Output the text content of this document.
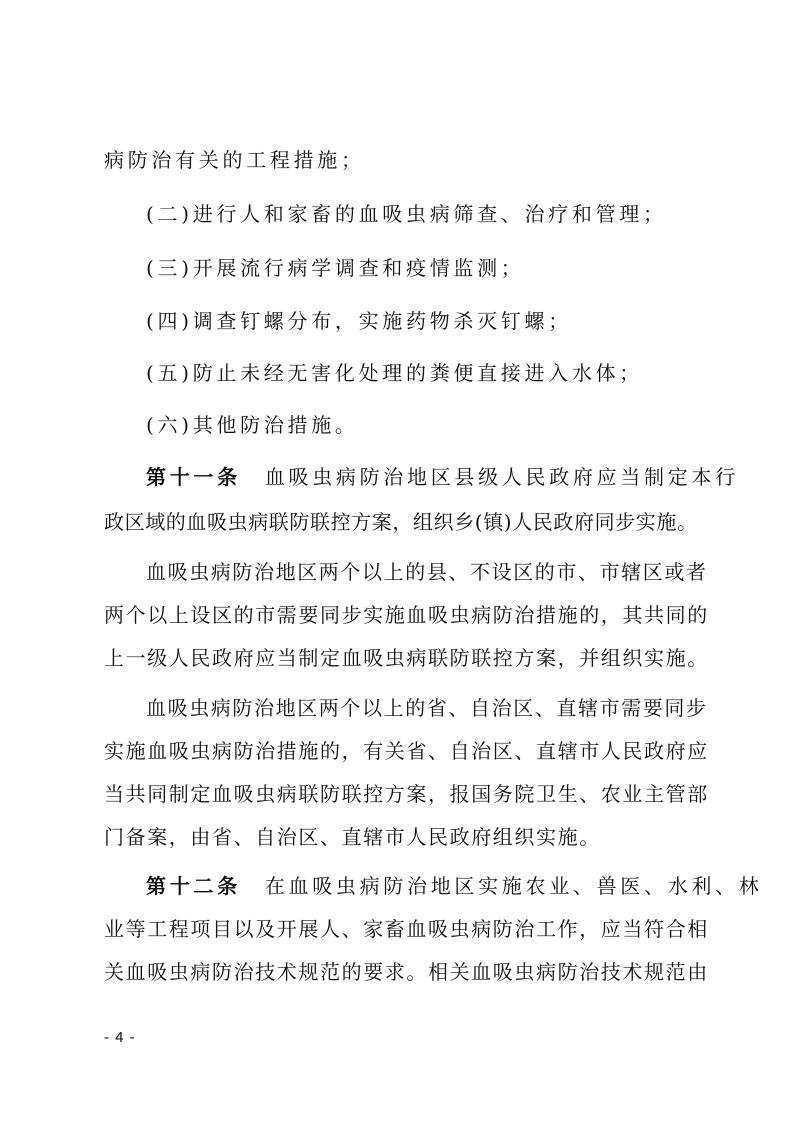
病防治有关的工程措施；
(二)进行人和家畜的血吸虫病筛查、治疗和管理；
(三)开展流行病学调查和疫情监测；
(四)调查钉螺分布，实施药物杀灭钉螺；
(五)防止未经无害化处理的粪便直接进入水体；
(六)其他防治措施。
第十一条 血吸虫病防治地区县级人民政府应当制定本行
政区域的血吸虫病联防联控方案，组织乡(镇)人民政府同步实施。
血吸虫病防治地区两个以上的县、不设区的市、市辖区或者
两个以上设区的市需要同步实施血吸虫病防治措施的，其共同的
上一级人民政府应当制定血吸虫病联防联控方案，并组织实施。
血吸虫病防治地区两个以上的省、自治区、直辖市需要同步
实施血吸虫病防治措施的，有关省、自治区、直辖市人民政府应
当共同制定血吸虫病联防联控方案，报国务院卫生、农业主管部
门备案，由省、自治区、直辖市人民政府组织实施。
第十二条 在血吸虫病防治地区实施农业、兽医、水利、林
业等工程项目以及开展人、家畜血吸虫病防治工作，应当符合相
关血吸虫病防治技术规范的要求。相关血吸虫病防治技术规范由
- 4 -
